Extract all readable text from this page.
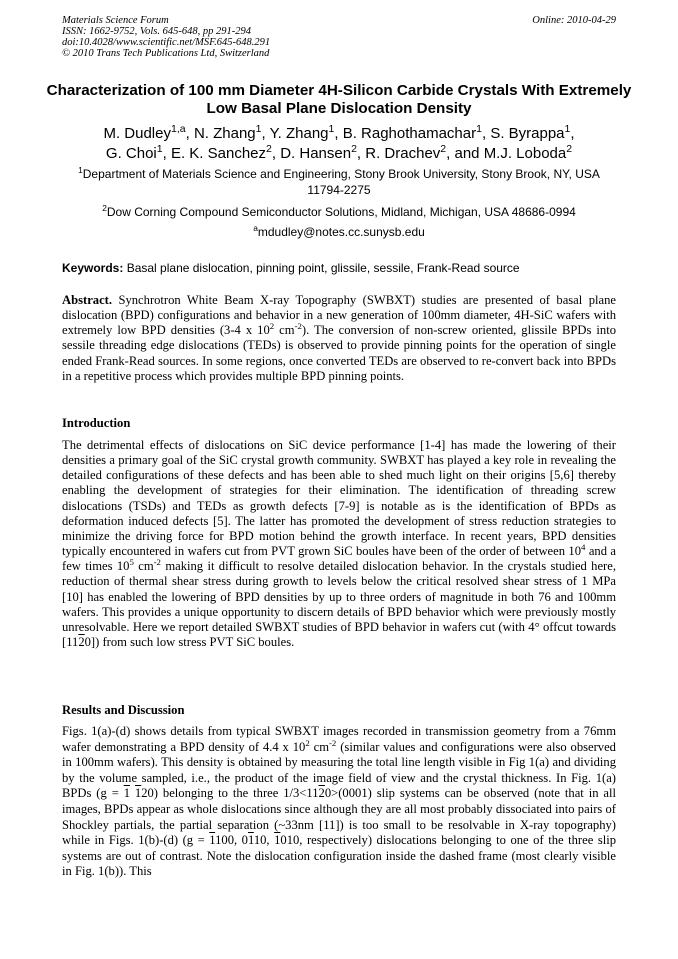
Materials Science Forum
ISSN: 1662-9752, Vols. 645-648, pp 291-294
doi:10.4028/www.scientific.net/MSF.645-648.291
© 2010 Trans Tech Publications Ltd, Switzerland
Online: 2010-04-29
Characterization of 100 mm Diameter 4H-Silicon Carbide Crystals With Extremely Low Basal Plane Dislocation Density
M. Dudley$^{1,a}$, N. Zhang$^1$, Y. Zhang$^1$, B. Raghothamachar$^1$, S. Byrappa$^1$,
G. Choi$^1$, E. K. Sanchez$^2$, D. Hansen$^2$, R. Drachev$^2$, and M.J. Loboda$^2$
$^1$Department of Materials Science and Engineering, Stony Brook University, Stony Brook, NY, USA 11794-2275
$^2$Dow Corning Compound Semiconductor Solutions, Midland, Michigan, USA 48686-0994
$^a$mdudley@notes.cc.sunysb.edu
Keywords: Basal plane dislocation, pinning point, glissile, sessile, Frank-Read source
Abstract. Synchrotron White Beam X-ray Topography (SWBXT) studies are presented of basal plane dislocation (BPD) configurations and behavior in a new generation of 100mm diameter, 4H-SiC wafers with extremely low BPD densities (3-4 x $10^2$ $cm^{-2}$). The conversion of non-screw oriented, glissile BPDs into sessile threading edge dislocations (TEDs) is observed to provide pinning points for the operation of single ended Frank-Read sources. In some regions, once converted TEDs are observed to re-convert back into BPDs in a repetitive process which provides multiple BPD pinning points.
Introduction
The detrimental effects of dislocations on SiC device performance [1-4] has made the lowering of their densities a primary goal of the SiC crystal growth community. SWBXT has played a key role in revealing the detailed configurations of these defects and has been able to shed much light on their origins [5,6] thereby enabling the development of strategies for their elimination. The identification of threading screw dislocations (TSDs) and TEDs as growth defects [7-9] is notable as is the identification of BPDs as deformation induced defects [5]. The latter has promoted the development of stress reduction strategies to minimize the driving force for BPD motion behind the growth interface. In recent years, BPD densities typically encountered in wafers cut from PVT grown SiC boules have been of the order of between $10^4$ and a few times $10^5$ $cm^{-2}$ making it difficult to resolve detailed dislocation behavior. In the crystals studied here, reduction of thermal shear stress during growth to levels below the critical resolved shear stress of 1 MPa [10] has enabled the lowering of BPD densities by up to three orders of magnitude in both 76 and 100mm wafers. This provides a unique opportunity to discern details of BPD behavior which were previously mostly unresolvable. Here we report detailed SWBXT studies of BPD behavior in wafers cut (with 4° offcut towards [1120]) from such low stress PVT SiC boules.
Results and Discussion
Figs. 1(a)-(d) shows details from typical SWBXT images recorded in transmission geometry from a 76mm wafer demonstrating a BPD density of 4.4 x $10^2$ $cm^{-2}$ (similar values and configurations were also observed in 100mm wafers). This density is obtained by measuring the total line length visible in Fig 1(a) and dividing by the volume sampled, i.e., the product of the image field of view and the crystal thickness. In Fig. 1(a) BPDs (g = 1 120) belonging to the three 1/3<1120>(0001) slip systems can be observed (note that in all images, BPDs appear as whole dislocations since although they are all most probably dissociated into pairs of Shockley partials, the partial separation (~33nm [11]) is too small to be resolvable in X-ray topography) while in Figs. 1(b)-(d) (g = 1100, 0110, 1010, respectively) dislocations belonging to one of the three slip systems are out of contrast. Note the dislocation configuration inside the dashed frame (most clearly visible in Fig. 1(b)). This
